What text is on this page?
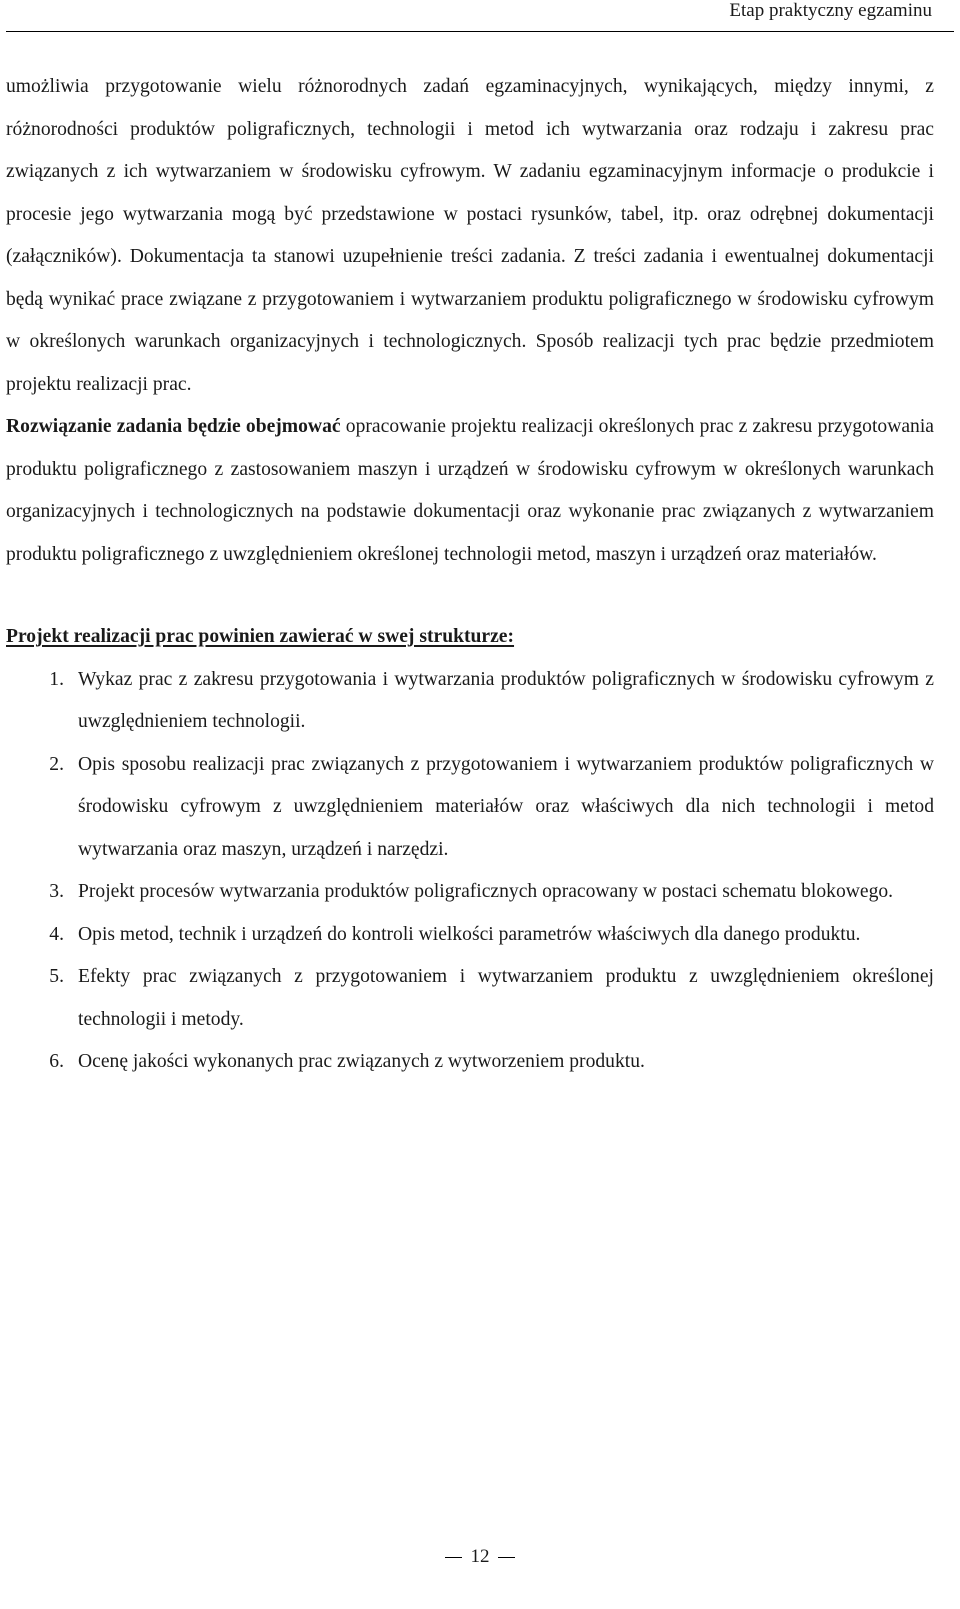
Etap praktyczny egzaminu

umożliwia przygotowanie wielu różnorodnych zadań egzaminacyjnych, wynikających, między innymi, z różnorodności produktów poligraficznych, technologii i metod ich wytwarzania oraz rodzaju i zakresu prac związanych z ich wytwarzaniem w środowisku cyfrowym. W zadaniu egzaminacyjnym informacje o produkcie i procesie jego wytwarzania mogą być przedstawione w postaci rysunków, tabel, itp. oraz odrębnej dokumentacji (załączników). Dokumentacja ta stanowi uzupełnienie treści zadania. Z treści zadania i ewentualnej dokumentacji będą wynikać prace związane z przygotowaniem i wytwarzaniem produktu poligraficznego w środowisku cyfrowym w określonych warunkach organizacyjnych i technologicznych. Sposób realizacji tych prac będzie przedmiotem projektu realizacji prac.

Rozwiązanie zadania będzie obejmować opracowanie projektu realizacji określonych prac z zakresu przygotowania produktu poligraficznego z zastosowaniem maszyn i urządzeń w środowisku cyfrowym w określonych warunkach organizacyjnych i technologicznych na podstawie dokumentacji oraz wykonanie prac związanych z wytwarzaniem produktu poligraficznego z uwzględnieniem określonej technologii metod, maszyn i urządzeń oraz materiałów.

Projekt realizacji prac powinien zawierać w swej strukturze:

1. Wykaz prac z zakresu przygotowania i wytwarzania produktów poligraficznych w środowisku cyfrowym z uwzględnieniem technologii.
2. Opis sposobu realizacji prac związanych z przygotowaniem i wytwarzaniem produktów poligraficznych w środowisku cyfrowym z uwzględnieniem materiałów oraz właściwych dla nich technologii i metod wytwarzania oraz maszyn, urządzeń i narzędzi.
3. Projekt procesów wytwarzania produktów poligraficznych opracowany w postaci schematu blokowego.
4. Opis metod, technik i urządzeń do kontroli wielkości parametrów właściwych dla danego produktu.
5. Efekty prac związanych z przygotowaniem i wytwarzaniem produktu z uwzględnieniem określonej technologii i metody.
6. Ocenę jakości wykonanych prac związanych z wytworzeniem produktu.
12
